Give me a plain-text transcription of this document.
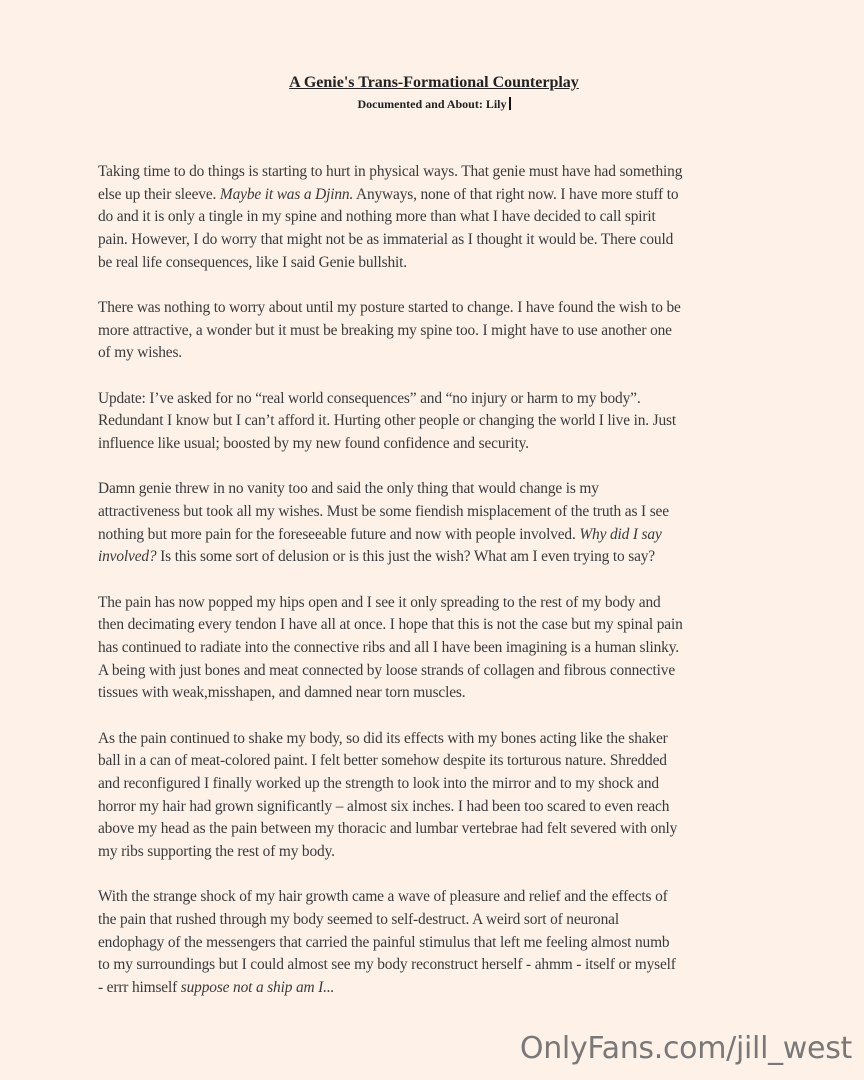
A Genie's Trans-Formational Counterplay
Documented and About: Lily
Taking time to do things is starting to hurt in physical ways. That genie must have had something
else up their sleeve. Maybe it was a Djinn. Anyways, none of that right now. I have more stuff to
do and it is only a tingle in my spine and nothing more than what I have decided to call spirit
pain. However, I do worry that might not be as immaterial as I thought it would be. There could
be real life consequences, like I said Genie bullshit.
There was nothing to worry about until my posture started to change. I have found the wish to be
more attractive, a wonder but it must be breaking my spine too. I might have to use another one
of my wishes.
Update: I’ve asked for no “real world consequences” and “no injury or harm to my body”.
Redundant I know but I can’t afford it. Hurting other people or changing the world I live in. Just
influence like usual; boosted by my new found confidence and security.
Damn genie threw in no vanity too and said the only thing that would change is my
attractiveness but took all my wishes. Must be some fiendish misplacement of the truth as I see
nothing but more pain for the foreseeable future and now with people involved. Why did I say
involved? Is this some sort of delusion or is this just the wish? What am I even trying to say?
The pain has now popped my hips open and I see it only spreading to the rest of my body and
then decimating every tendon I have all at once. I hope that this is not the case but my spinal pain
has continued to radiate into the connective ribs and all I have been imagining is a human slinky.
A being with just bones and meat connected by loose strands of collagen and fibrous connective
tissues with weak,misshapen, and damned near torn muscles.
As the pain continued to shake my body, so did its effects with my bones acting like the shaker
ball in a can of meat-colored paint. I felt better somehow despite its torturous nature. Shredded
and reconfigured I finally worked up the strength to look into the mirror and to my shock and
horror my hair had grown significantly – almost six inches. I had been too scared to even reach
above my head as the pain between my thoracic and lumbar vertebrae had felt severed with only
my ribs supporting the rest of my body.
With the strange shock of my hair growth came a wave of pleasure and relief and the effects of
the pain that rushed through my body seemed to self-destruct. A weird sort of neuronal
endophagy of the messengers that carried the painful stimulus that left me feeling almost numb
to my surroundings but I could almost see my body reconstruct herself - ahmm - itself or myself
- errr himself suppose not a ship am I...
OnlyFans.com/jill_west
